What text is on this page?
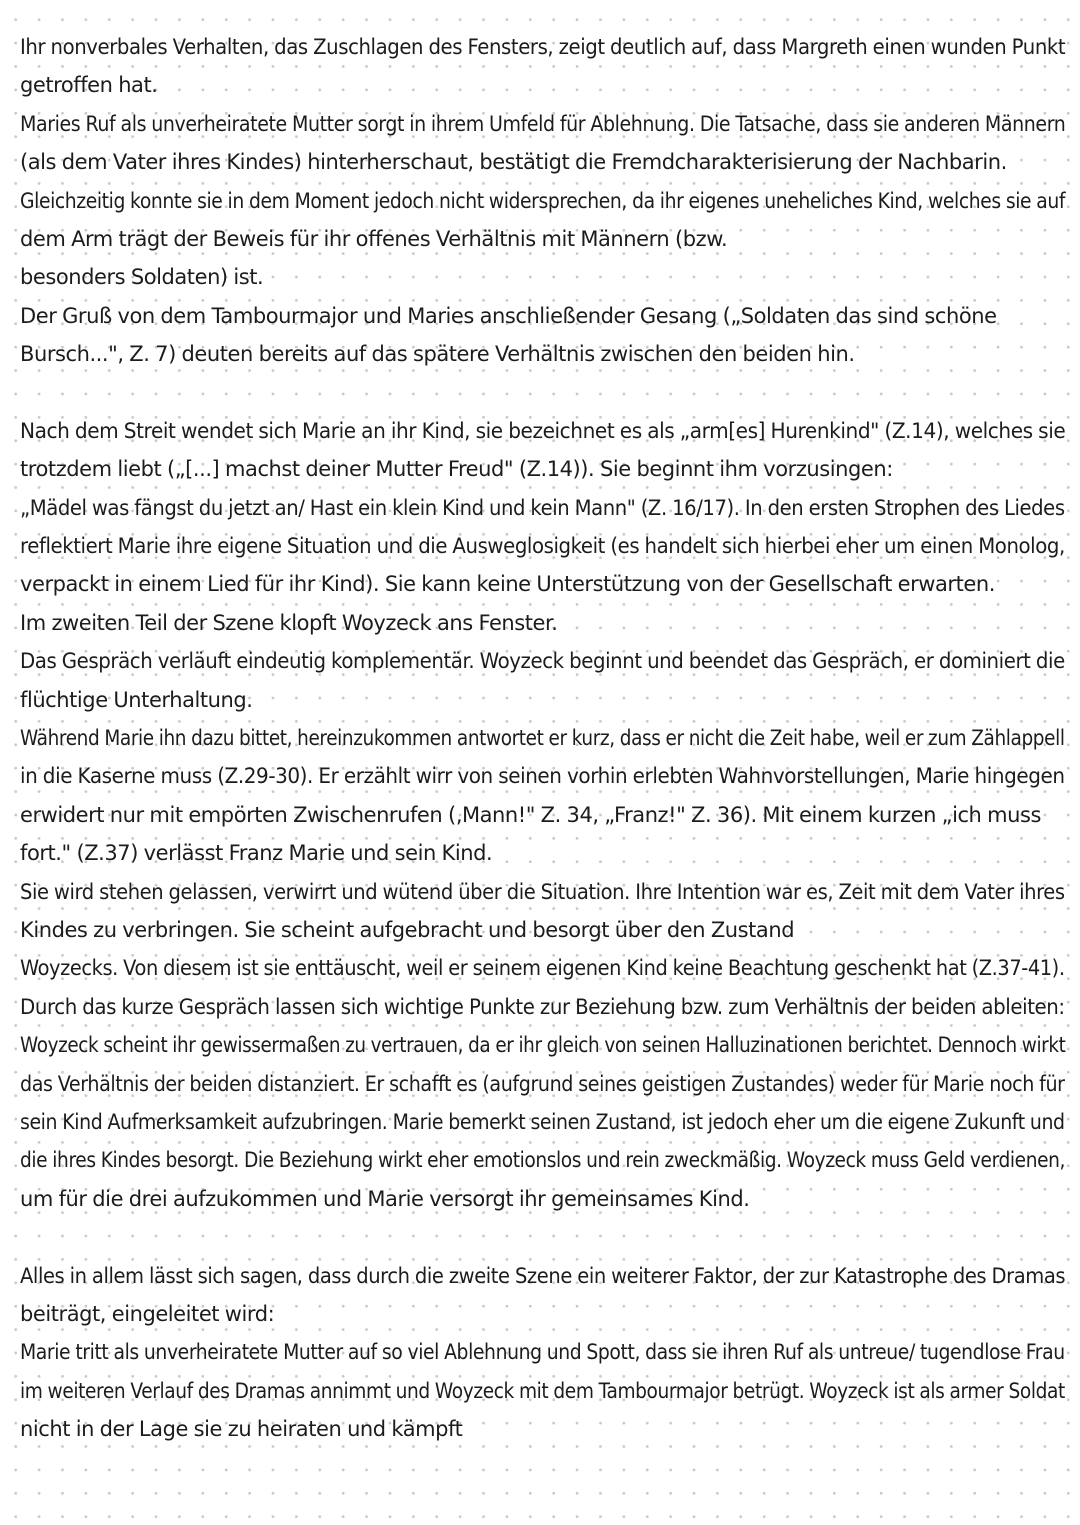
Ihr nonverbales Verhalten, das Zuschlagen des Fensters, zeigt deutlich auf, dass Margreth einen wunden Punkt
getroffen hat.
Maries Ruf als unverheiratete Mutter sorgt in ihrem Umfeld für Ablehnung. Die Tatsache, dass sie anderen Männern
(als dem Vater ihres Kindes) hinterherschaut, bestätigt die Fremdcharakterisierung der Nachbarin.
Gleichzeitig konnte sie in dem Moment jedoch nicht widersprechen, da ihr eigenes uneheliches Kind, welches sie auf
dem Arm trägt der Beweis für ihr offenes Verhältnis mit Männern (bzw.
besonders Soldaten) ist.
Der Gruß von dem Tambourmajor und Maries anschließender Gesang („Soldaten das sind schöne
Bursch...", Z. 7) deuten bereits auf das spätere Verhältnis zwischen den beiden hin.
Nach dem Streit wendet sich Marie an ihr Kind, sie bezeichnet es als „arm[es] Hurenkind" (Z.14), welches sie
trotzdem liebt („[...] machst deiner Mutter Freud" (Z.14)). Sie beginnt ihm vorzusingen:
„Mädel was fängst du jetzt an/ Hast ein klein Kind und kein Mann" (Z. 16/17). In den ersten Strophen des Liedes
reflektiert Marie ihre eigene Situation und die Ausweglosigkeit (es handelt sich hierbei eher um einen Monolog,
verpackt in einem Lied für ihr Kind). Sie kann keine Unterstützung von der Gesellschaft erwarten.
Im zweiten Teil der Szene klopft Woyzeck ans Fenster.
Das Gespräch verläuft eindeutig komplementär. Woyzeck beginnt und beendet das Gespräch, er dominiert die
flüchtige Unterhaltung.
Während Marie ihn dazu bittet, hereinzukommen antwortet er kurz, dass er nicht die Zeit habe, weil er zum Zählappell
in die Kaserne muss (Z.29-30). Er erzählt wirr von seinen vorhin erlebten Wahnvorstellungen, Marie hingegen
erwidert nur mit empörten Zwischenrufen (‚Mann!" Z. 34, „Franz!" Z. 36). Mit einem kurzen „ich muss
fort." (Z.37) verlässt Franz Marie und sein Kind.
Sie wird stehen gelassen, verwirrt und wütend über die Situation. Ihre Intention war es, Zeit mit dem Vater ihres
Kindes zu verbringen. Sie scheint aufgebracht und besorgt über den Zustand
Woyzecks. Von diesem ist sie enttäuscht, weil er seinem eigenen Kind keine Beachtung geschenkt hat (Z.37-41).
Durch das kurze Gespräch lassen sich wichtige Punkte zur Beziehung bzw. zum Verhältnis der beiden ableiten:
Woyzeck scheint ihr gewissermaßen zu vertrauen, da er ihr gleich von seinen Halluzinationen berichtet. Dennoch wirkt
das Verhältnis der beiden distanziert. Er schafft es (aufgrund seines geistigen Zustandes) weder für Marie noch für
sein Kind Aufmerksamkeit aufzubringen. Marie bemerkt seinen Zustand, ist jedoch eher um die eigene Zukunft und
die ihres Kindes besorgt. Die Beziehung wirkt eher emotionslos und rein zweckmäßig. Woyzeck muss Geld verdienen,
um für die drei aufzukommen und Marie versorgt ihr gemeinsames Kind.
Alles in allem lässt sich sagen, dass durch die zweite Szene ein weiterer Faktor, der zur Katastrophe des Dramas
beiträgt, eingeleitet wird:
Marie tritt als unverheiratete Mutter auf so viel Ablehnung und Spott, dass sie ihren Ruf als untreue/ tugendlose Frau
im weiteren Verlauf des Dramas annimmt und Woyzeck mit dem Tambourmajor betrügt. Woyzeck ist als armer Soldat
nicht in der Lage sie zu heiraten und kämpft
